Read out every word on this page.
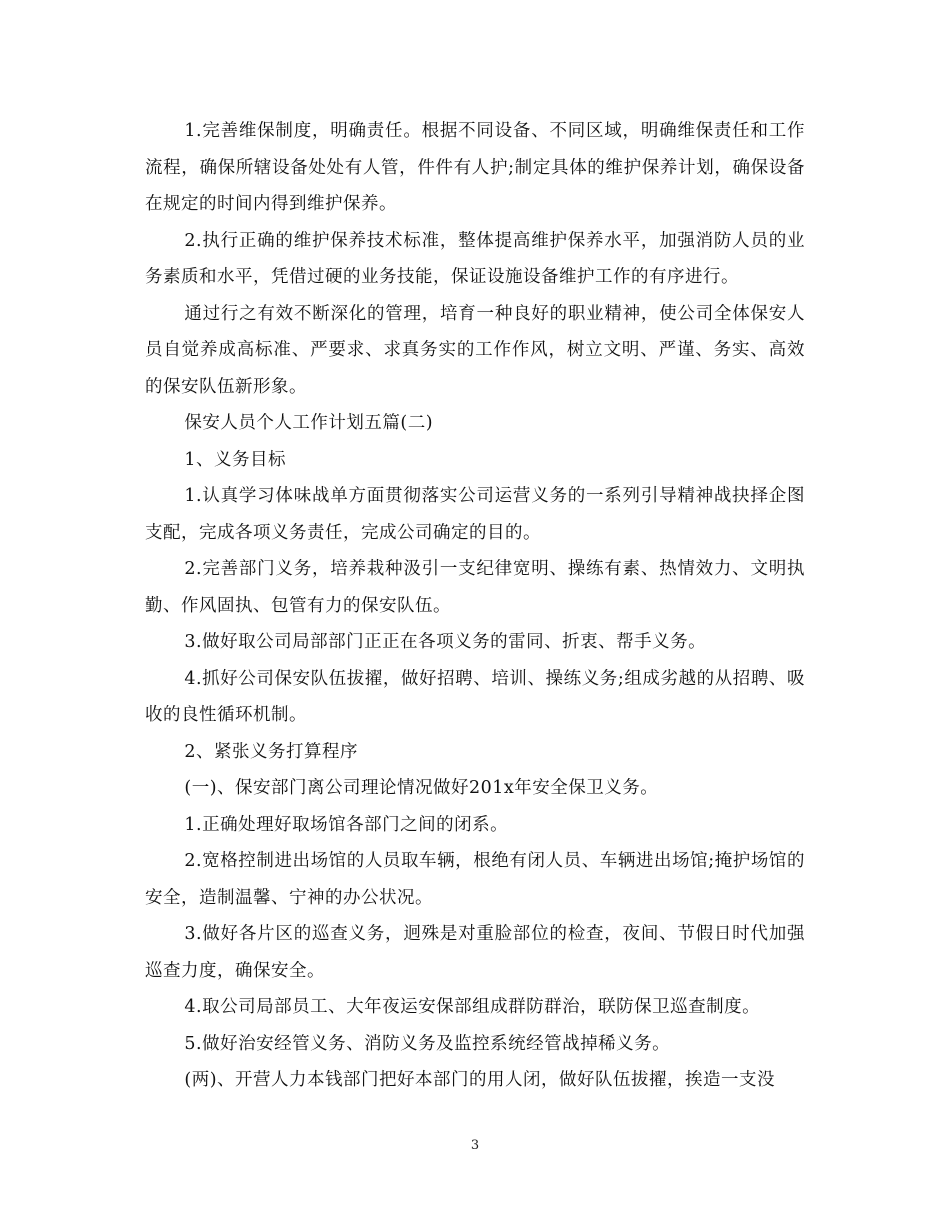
1.完善维保制度，明确责任。根据不同设备、不同区域，明确维保责任和工作流程，确保所辖设备处处有人管，件件有人护;制定具体的维护保养计划，确保设备在规定的时间内得到维护保养。

2.执行正确的维护保养技术标准，整体提高维护保养水平，加强消防人员的业务素质和水平，凭借过硬的业务技能，保证设施设备维护工作的有序进行。

通过行之有效不断深化的管理，培育一种良好的职业精神，使公司全体保安人员自觉养成高标准、严要求、求真务实的工作作风，树立文明、严谨、务实、高效的保安队伍新形象。

保安人员个人工作计划五篇(二)

1、义务目标

1.认真学习体味战单方面贯彻落实公司运营义务的一系列引导精神战抉择企图支配，完成各项义务责任，完成公司确定的目的。

2.完善部门义务，培养栽种汲引一支纪律宽明、操练有素、热情效力、文明执勤、作风固执、包管有力的保安队伍。

3.做好取公司局部部门正正在各项义务的雷同、折衷、帮手义务。

4.抓好公司保安队伍拔擢，做好招聘、培训、操练义务;组成劣越的从招聘、吸收的良性循环机制。

2、紧张义务打算程序

(一)、保安部门离公司理论情况做好201x年安全保卫义务。

1.正确处理好取场馆各部门之间的闭系。

2.宽格控制进出场馆的人员取车辆，根绝有闭人员、车辆进出场馆;掩护场馆的安全，造制温馨、宁神的办公状况。

3.做好各片区的巡查义务，迥殊是对重脸部位的检查，夜间、节假日时代加强巡查力度，确保安全。

4.取公司局部员工、大年夜运安保部组成群防群治，联防保卫巡查制度。

5.做好治安经管义务、消防义务及监控系统经管战掉稀义务。

(两)、开营人力本钱部门把好本部门的用人闭，做好队伍拔擢，挨造一支没

3
